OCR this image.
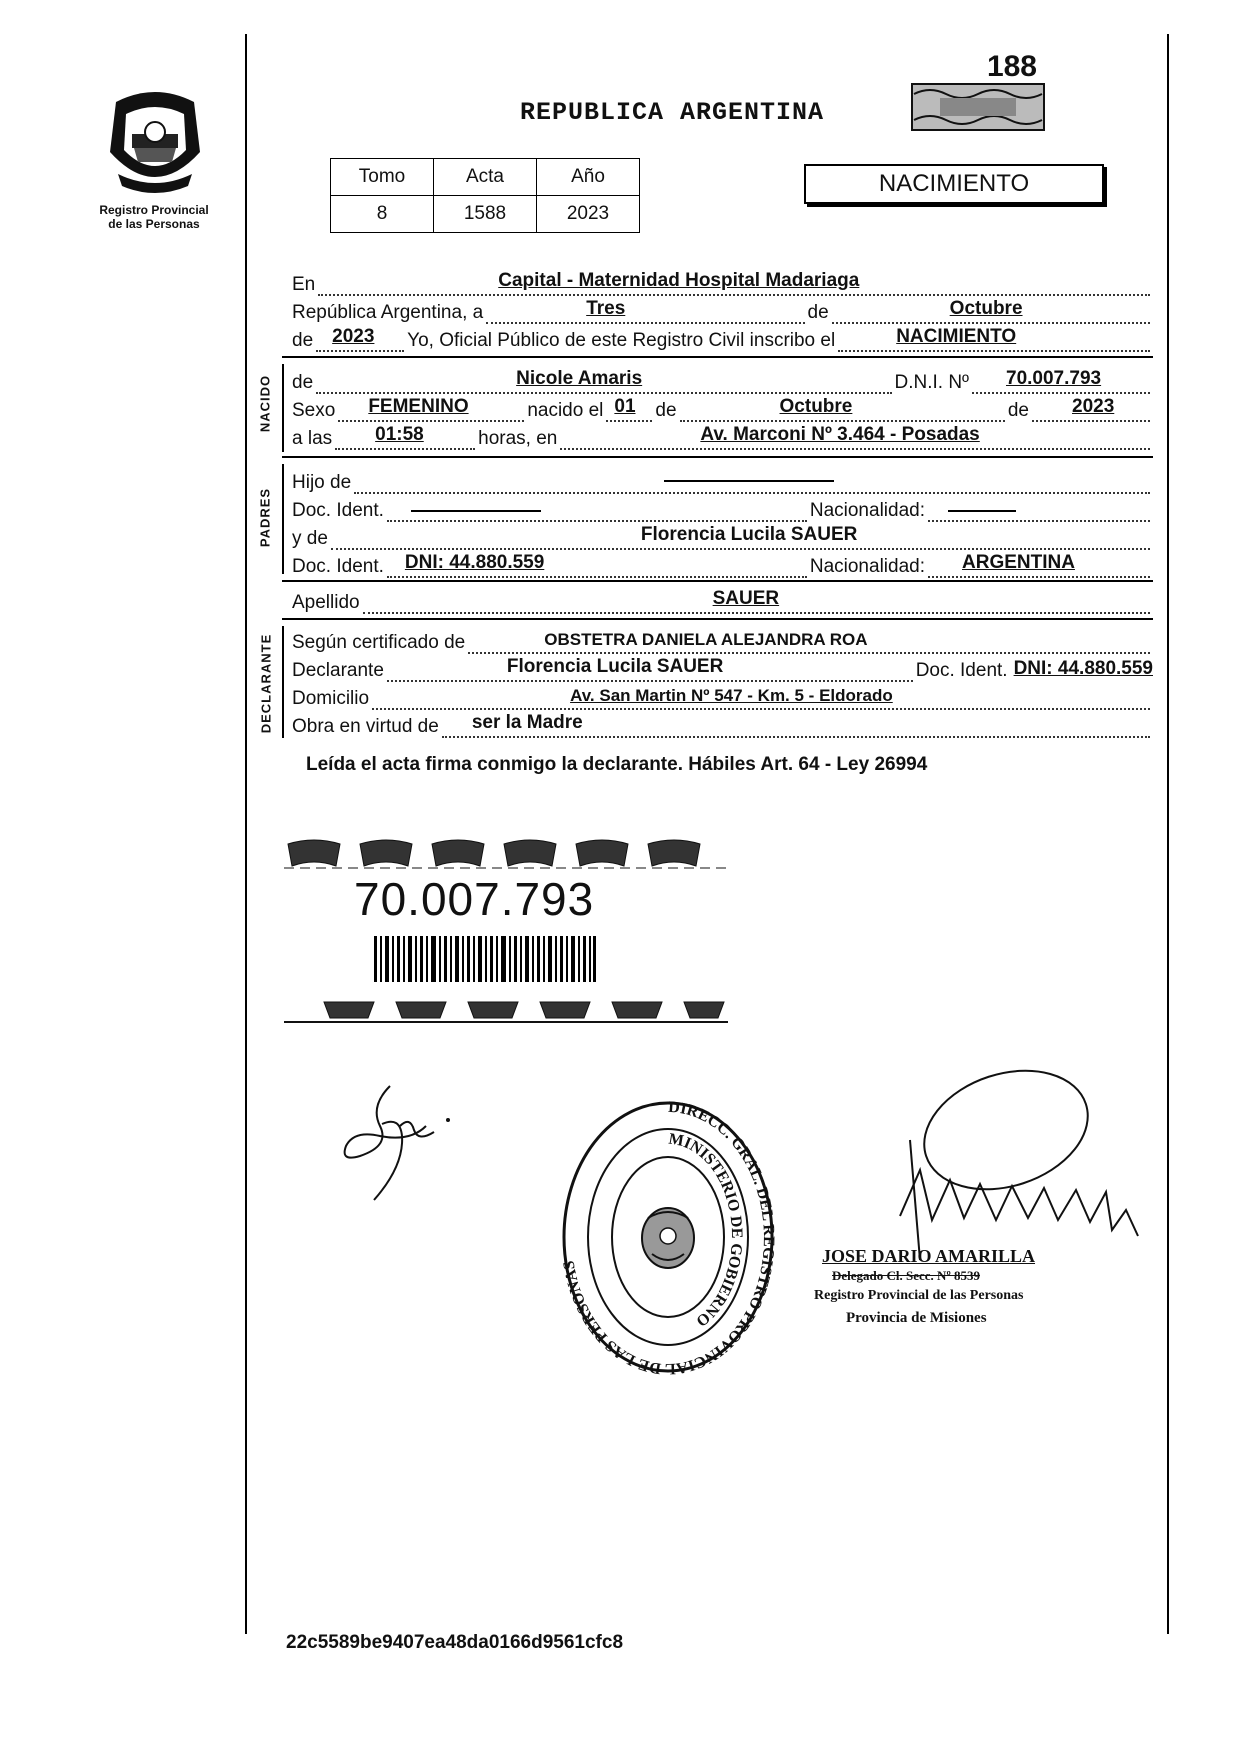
188
Registro Provincial
de las Personas
REPUBLICA ARGENTINA
Tomo	Acta	Año
8	1588	2023
NACIMIENTO
En	Capital - Maternidad Hospital Madariaga
República Argentina, a	Tres	de	Octubre
de 2023 Yo, Oficial Público de este Registro Civil inscribo el	NACIMIENTO
NACIDO de	Nicole Amaris	D.N.I. Nº 70.007.793
Sexo FEMENINO	nacido el 01 de	Octubre	de 2023
a las 01:58	horas, en	Av. Marconi Nº 3.464 - Posadas
PADRES
Hijo de
Doc. Ident.	Nacionalidad:
y de	Florencia Lucila SAUER
Doc. Ident. DNI: 44.880.559	Nacionalidad: ARGENTINA
Apellido	SAUER
DECLARANTE Según certificado de	OBSTETRA DANIELA ALEJANDRA ROA
Declarante	Florencia Lucila SAUER	Doc. Ident. DNI: 44.880.559
Domicilio	Av. San Martin Nº 547 - Km. 5 - Eldorado
Obra en virtud de ser la Madre
Leída el acta firma conmigo la declarante. Hábiles Art. 64 - Ley 26994
70.007.793
DIRECC. GRAL. DEL REGISTRO PROVINCIAL DE LAS PERSONAS
MINISTERIO DE GOBIERNO
JOSE DARIO AMARILLA
Delegado Cl. Secc. Nº 8539
Registro Provincial de las Personas
Provincia de Misiones
22c5589be9407ea48da0166d9561cfc8
